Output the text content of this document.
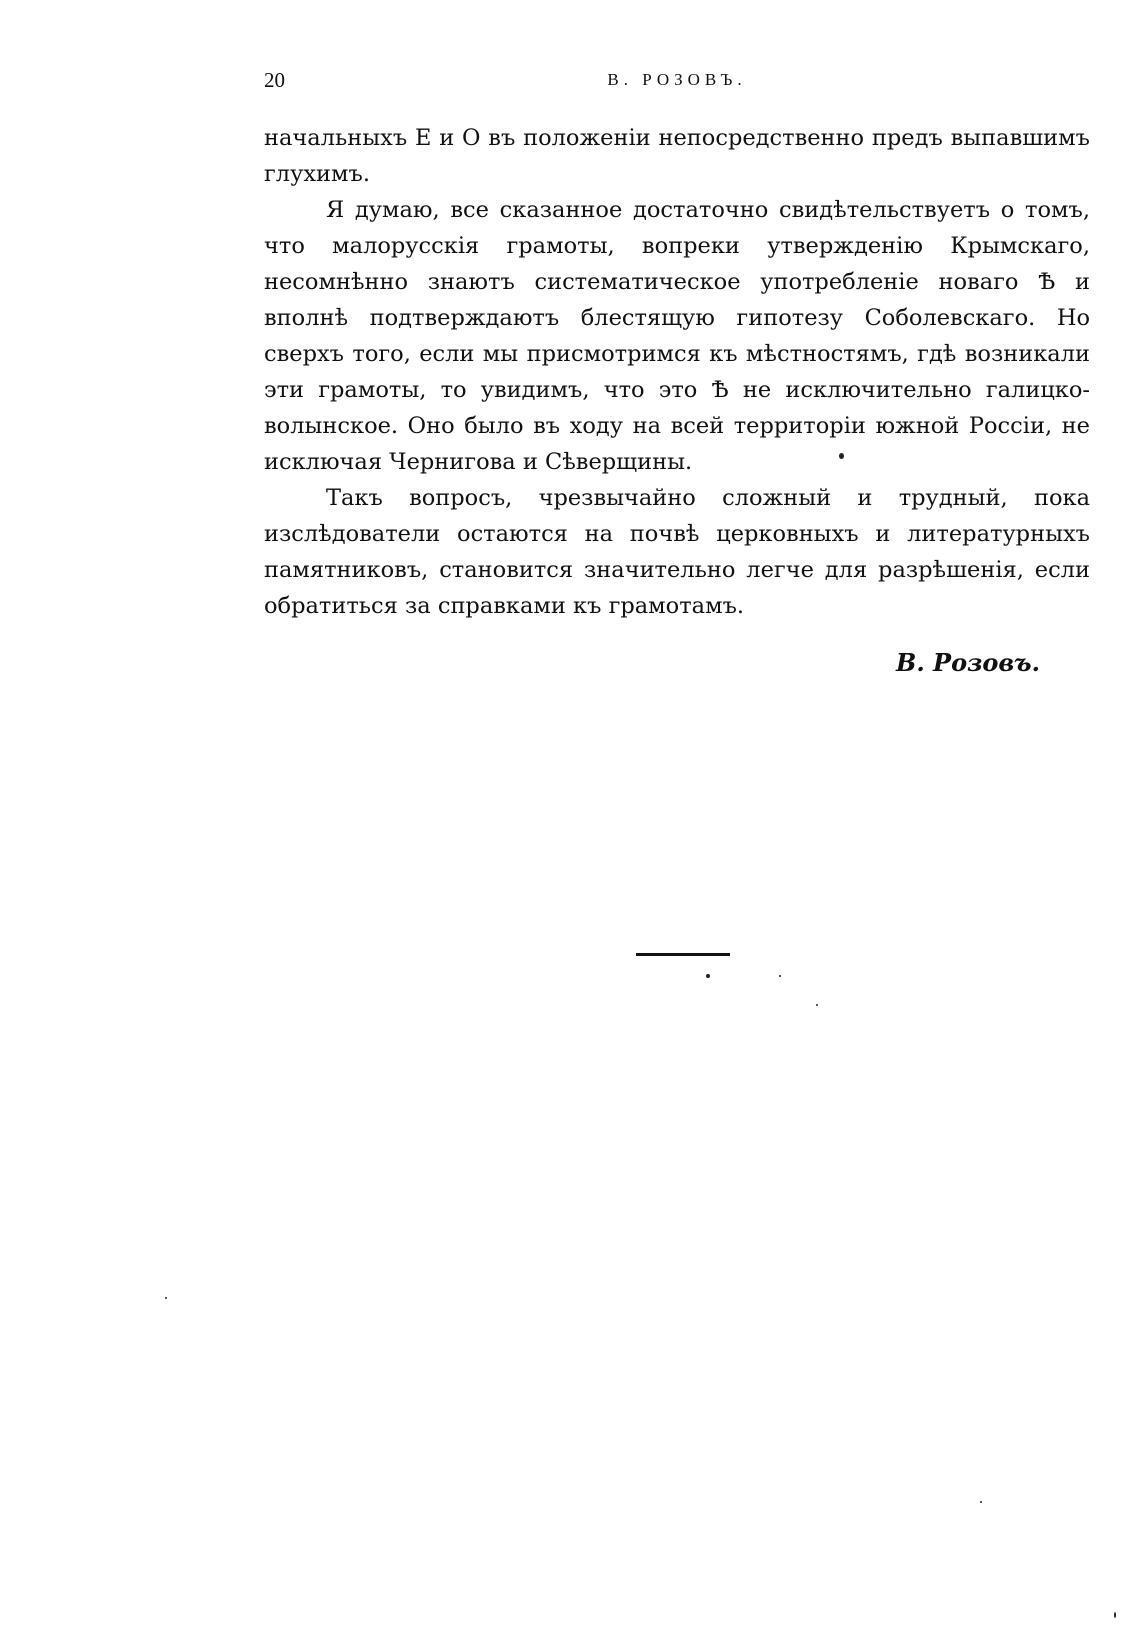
20	В. РОЗОВЪ.

начальныхъ Е и О въ положенiи непосредственно предъ выпавшимъ глухимъ.

Я думаю, все сказанное достаточно свидѣтельствуетъ о томъ, что малорусскiя грамоты, вопреки утвержденiю Крымскаго, несомнѣнно знаютъ систематическое употребленiе новаго Ѣ и вполнѣ подтверждаютъ блестящую гипотезу Соболевскаго. Но сверхъ того, если мы присмотримся къ мѣстностямъ, гдѣ возникали эти грамоты, то увидимъ, что это Ѣ не исключительно галицко-волынское. Оно было въ ходу на всей территорiи южной Россiи, не исключая Чернигова и Сѣверщины.

Такъ вопросъ, чрезвычайно сложный и трудный, пока изслѣдователи остаются на почвѣ церковныхъ и литературныхъ памятниковъ, становится значительно легче для разрѣшенiя, если обратиться за справками къ грамотамъ.

В. Розовъ.
